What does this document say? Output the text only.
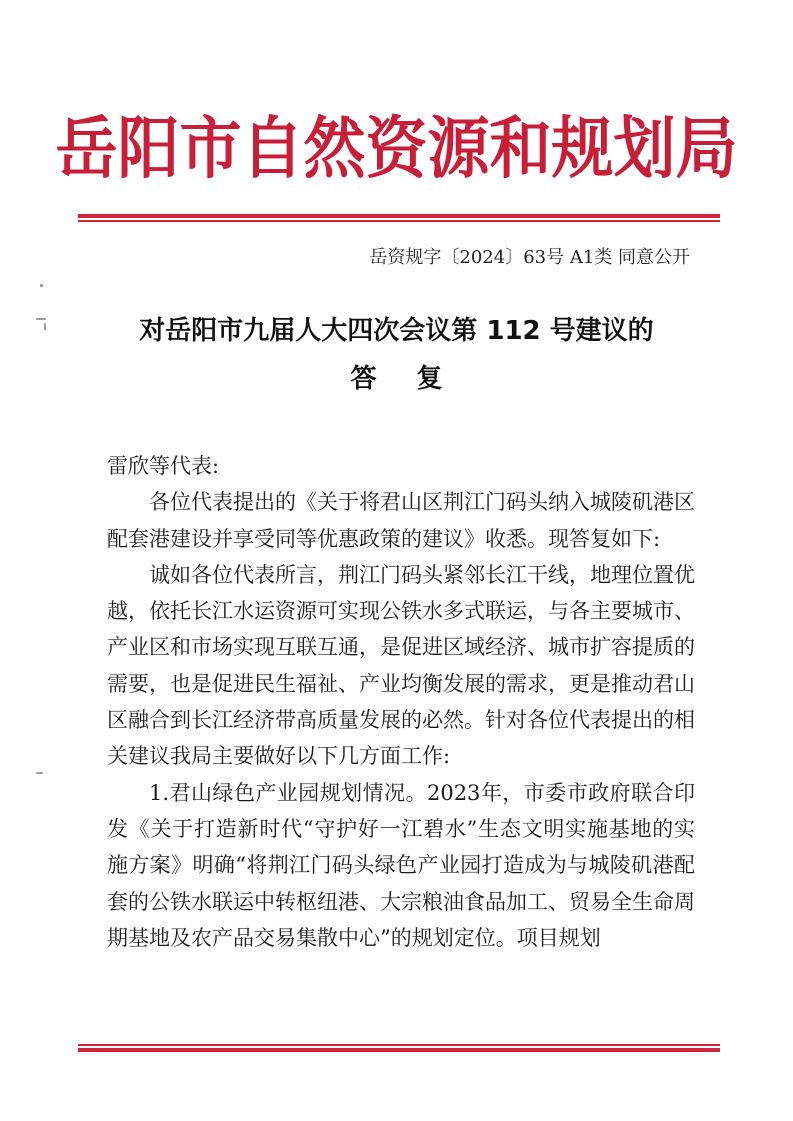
岳阳市自然资源和规划局
岳资规字〔2024〕63号 A1类 同意公开
对岳阳市九届人大四次会议第 112 号建议的
答复

雷欣等代表:

各位代表提出的《关于将君山区荆江门码头纳入城陵矶港区配套港建设并享受同等优惠政策的建议》收悉。现答复如下:

诚如各位代表所言，荆江门码头紧邻长江干线，地理位置优越，依托长江水运资源可实现公铁水多式联运，与各主要城市、产业区和市场实现互联互通，是促进区域经济、城市扩容提质的需要，也是促进民生福祉、产业均衡发展的需求，更是推动君山区融合到长江经济带高质量发展的必然。针对各位代表提出的相关建议我局主要做好以下几方面工作:

1.君山绿色产业园规划情况。2023年，市委市政府联合印发《关于打造新时代“守护好一江碧水”生态文明实施基地的实施方案》明确“将荆江门码头绿色产业园打造成为与城陵矶港配套的公铁水联运中转枢纽港、大宗粮油食品加工、贸易全生命周期基地及农产品交易集散中心”的规划定位。项目规划
